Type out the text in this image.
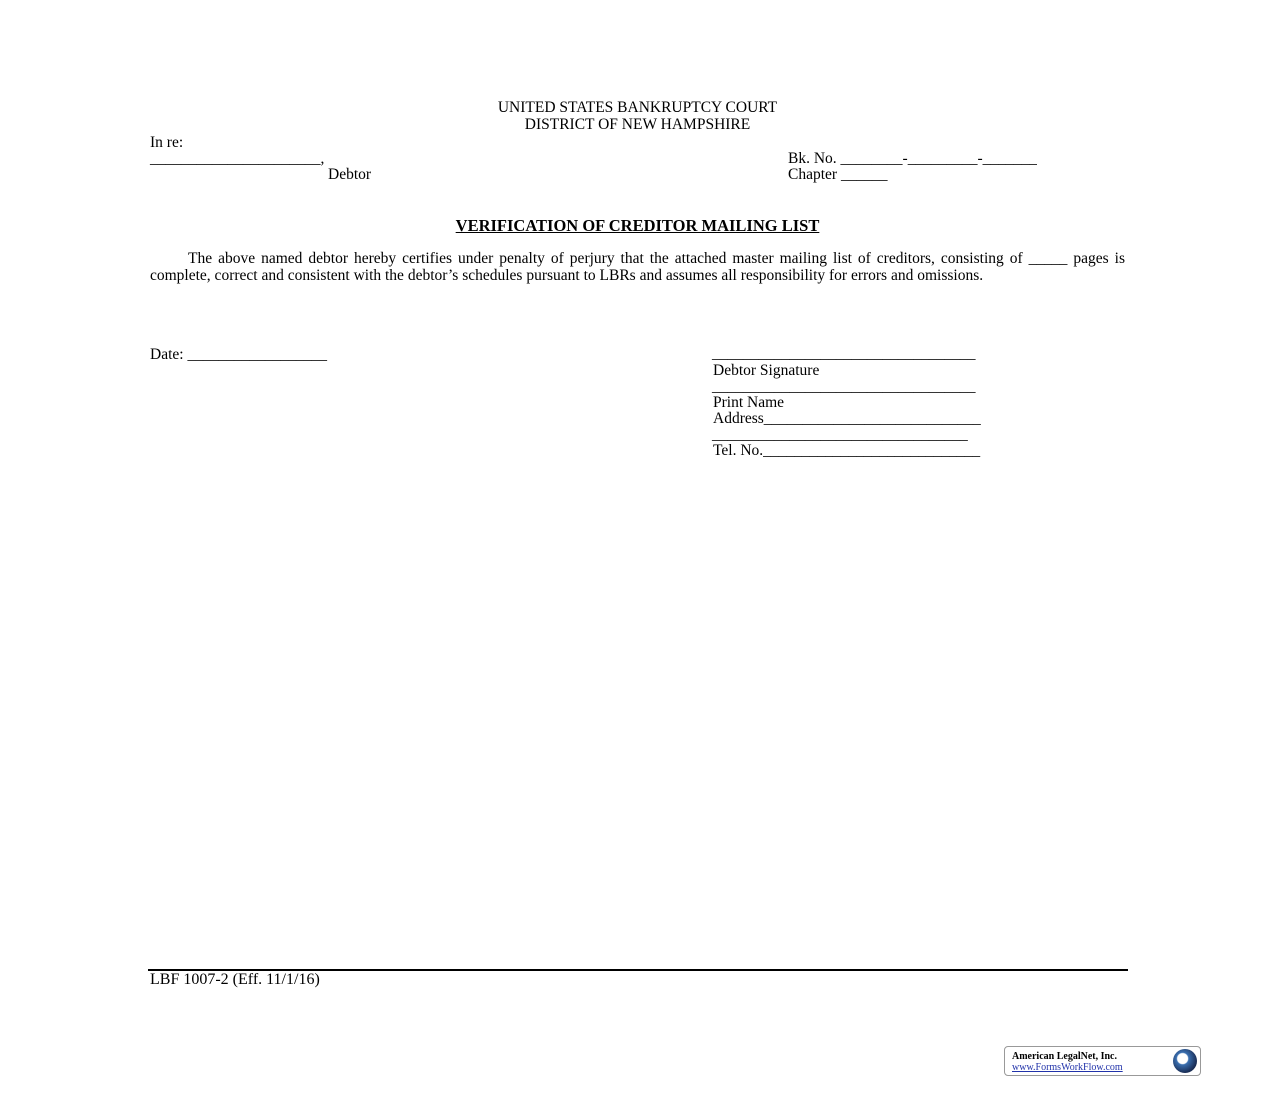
UNITED STATES BANKRUPTCY COURT
DISTRICT OF NEW HAMPSHIRE
In re:
______________________,
Debtor
Bk. No. ________-_________-_______
Chapter ______
VERIFICATION OF CREDITOR MAILING LIST

The above named debtor hereby certifies under penalty of perjury that the attached master mailing list of creditors, consisting of _____ pages is complete, correct and consistent with the debtor’s schedules pursuant to LBRs and assumes all responsibility for errors and omissions.

Date: __________________	__________________________________
Debtor Signature
__________________________________
Print Name
Address____________________________
_________________________________
Tel. No.____________________________
LBF 1007-2 (Eff. 11/1/16)
American LegalNet, Inc.
www.FormsWorkFlow.com
